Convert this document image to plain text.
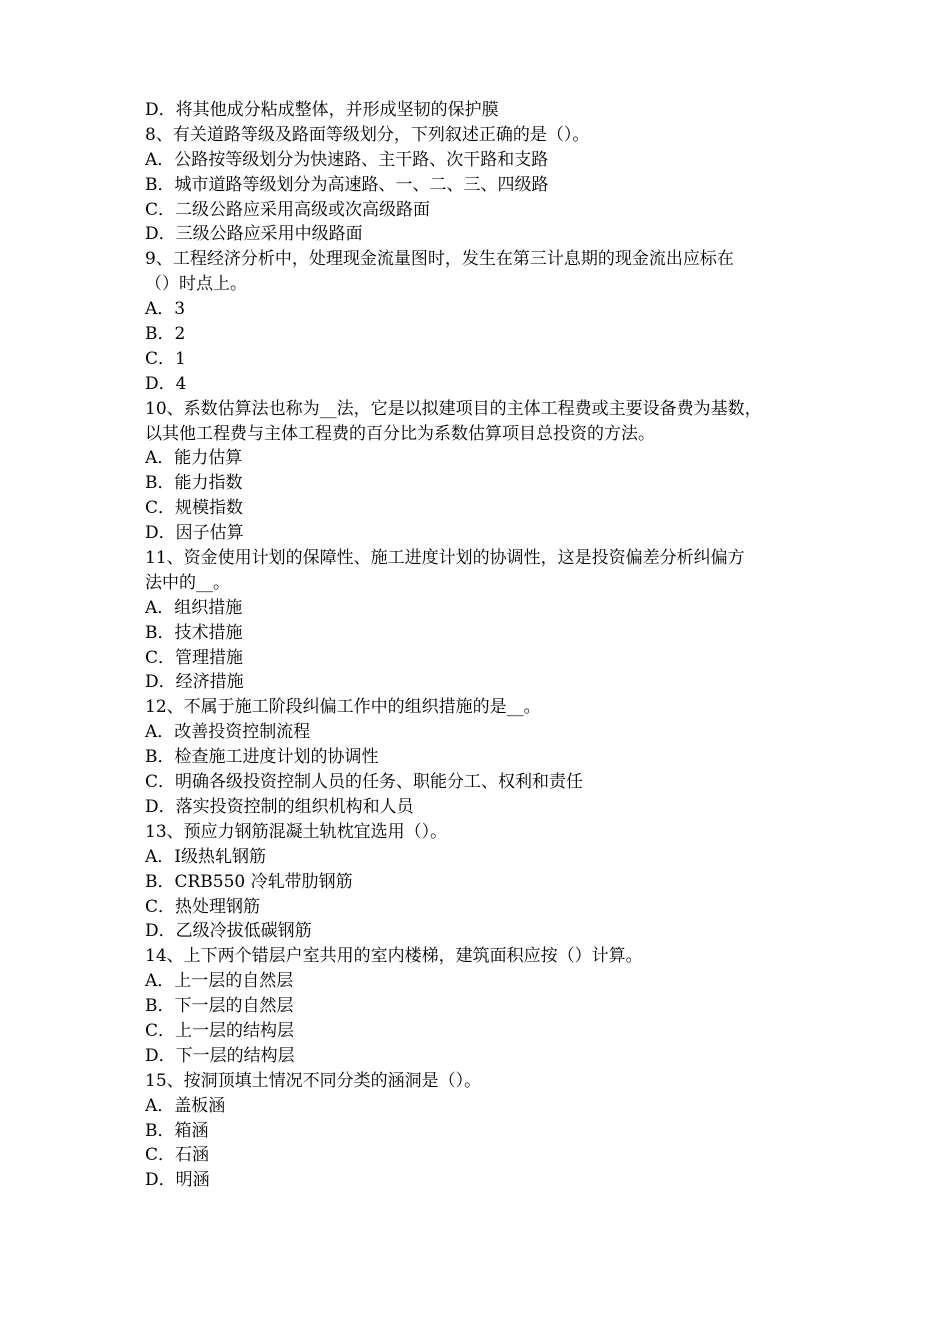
D．将其他成分粘成整体，并形成坚韧的保护膜
8、有关道路等级及路面等级划分，下列叙述正确的是（）。
A．公路按等级划分为快速路、主干路、次干路和支路
B．城市道路等级划分为高速路、一、二、三、四级路
C．二级公路应采用高级或次高级路面
D．三级公路应采用中级路面
9、工程经济分析中，处理现金流量图时，发生在第三计息期的现金流出应标在
（）时点上。
A．3
B．2
C．1
D．4
10、系数估算法也称为__法，它是以拟建项目的主体工程费或主要设备费为基数，
以其他工程费与主体工程费的百分比为系数估算项目总投资的方法。
A．能力估算
B．能力指数
C．规模指数
D．因子估算
11、资金使用计划的保障性、施工进度计划的协调性，这是投资偏差分析纠偏方
法中的__。
A．组织措施
B．技术措施
C．管理措施
D．经济措施
12、不属于施工阶段纠偏工作中的组织措施的是__。
A．改善投资控制流程
B．检查施工进度计划的协调性
C．明确各级投资控制人员的任务、职能分工、权利和责任
D．落实投资控制的组织机构和人员
13、预应力钢筋混凝土轨枕宜选用（）。
A．Ⅰ级热轧钢筋
B．CRB550 冷轧带肋钢筋
C．热处理钢筋
D．乙级冷拔低碳钢筋
14、上下两个错层户室共用的室内楼梯，建筑面积应按（）计算。
A．上一层的自然层
B．下一层的自然层
C．上一层的结构层
D．下一层的结构层
15、按洞顶填土情况不同分类的涵洞是（）。
A．盖板涵
B．箱涵
C．石涵
D．明涵
